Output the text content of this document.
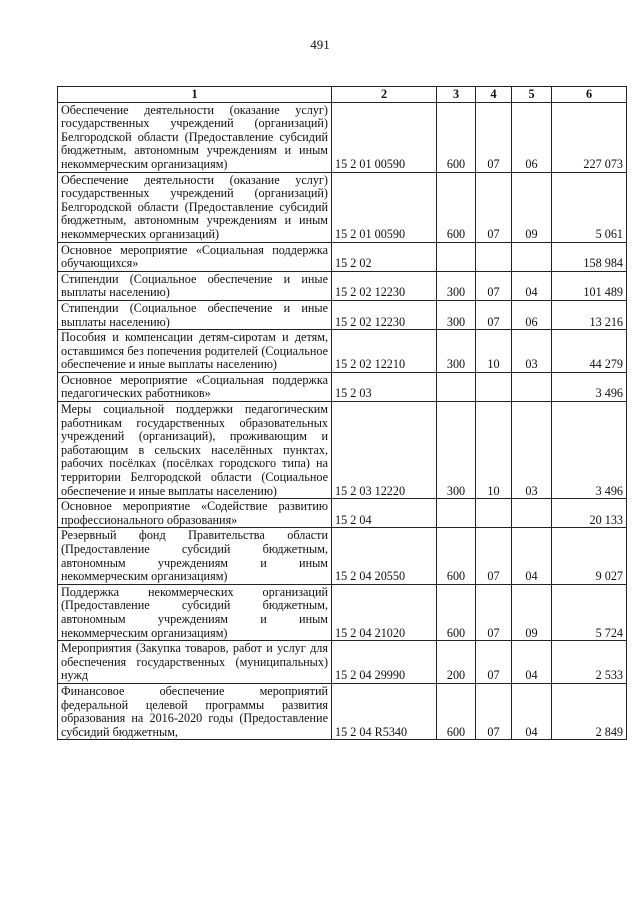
491
1	2	3	4	5	6
Обеспечение деятельности (оказание услуг) государственных учреждений (организаций) Белгородской области (Предоставление субсидий бюджетным, автономным учреждениям и иным некоммерческим организациям)	15 2 01 00590	600	07	06	227 073
Обеспечение деятельности (оказание услуг) государственных учреждений (организаций) Белгородской области (Предоставление субсидий бюджетным, автономным учреждениям и иным некоммерческих организаций)	15 2 01 00590	600	07	09	5 061
Основное мероприятие «Социальная поддержка обучающихся»	15 2 02				158 984
Стипендии (Социальное обеспечение и иные выплаты населению)	15 2 02 12230	300	07	04	101 489
Стипендии (Социальное обеспечение и иные выплаты населению)	15 2 02 12230	300	07	06	13 216
Пособия и компенсации детям-сиротам и детям, оставшимся без попечения родителей (Социальное обеспечение и иные выплаты населению)	15 2 02 12210	300	10	03	44 279
Основное мероприятие «Социальная поддержка педагогических работников»	15 2 03				3 496
Меры социальной поддержки педагогическим работникам государственных образовательных учреждений (организаций), проживающим и работающим в сельских населённых пунктах, рабочих посёлках (посёлках городского типа) на территории Белгородской области (Социальное обеспечение и иные выплаты населению)	15 2 03 12220	300	10	03	3 496
Основное мероприятие «Содействие развитию профессионального образования»	15 2 04				20 133
Резервный фонд Правительства области (Предоставление субсидий бюджетным, автономным учреждениям и иным некоммерческим организациям)	15 2 04 20550	600	07	04	9 027
Поддержка некоммерческих организаций (Предоставление субсидий бюджетным, автономным учреждениям и иным некоммерческим организациям)	15 2 04 21020	600	07	09	5 724
Мероприятия (Закупка товаров, работ и услуг для обеспечения государственных (муниципальных) нужд	15 2 04 29990	200	07	04	2 533
Финансовое обеспечение мероприятий федеральной целевой программы развития образования на 2016-2020 годы (Предоставление субсидий бюджетным,	15 2 04 R5340	600	07	04	2 849
